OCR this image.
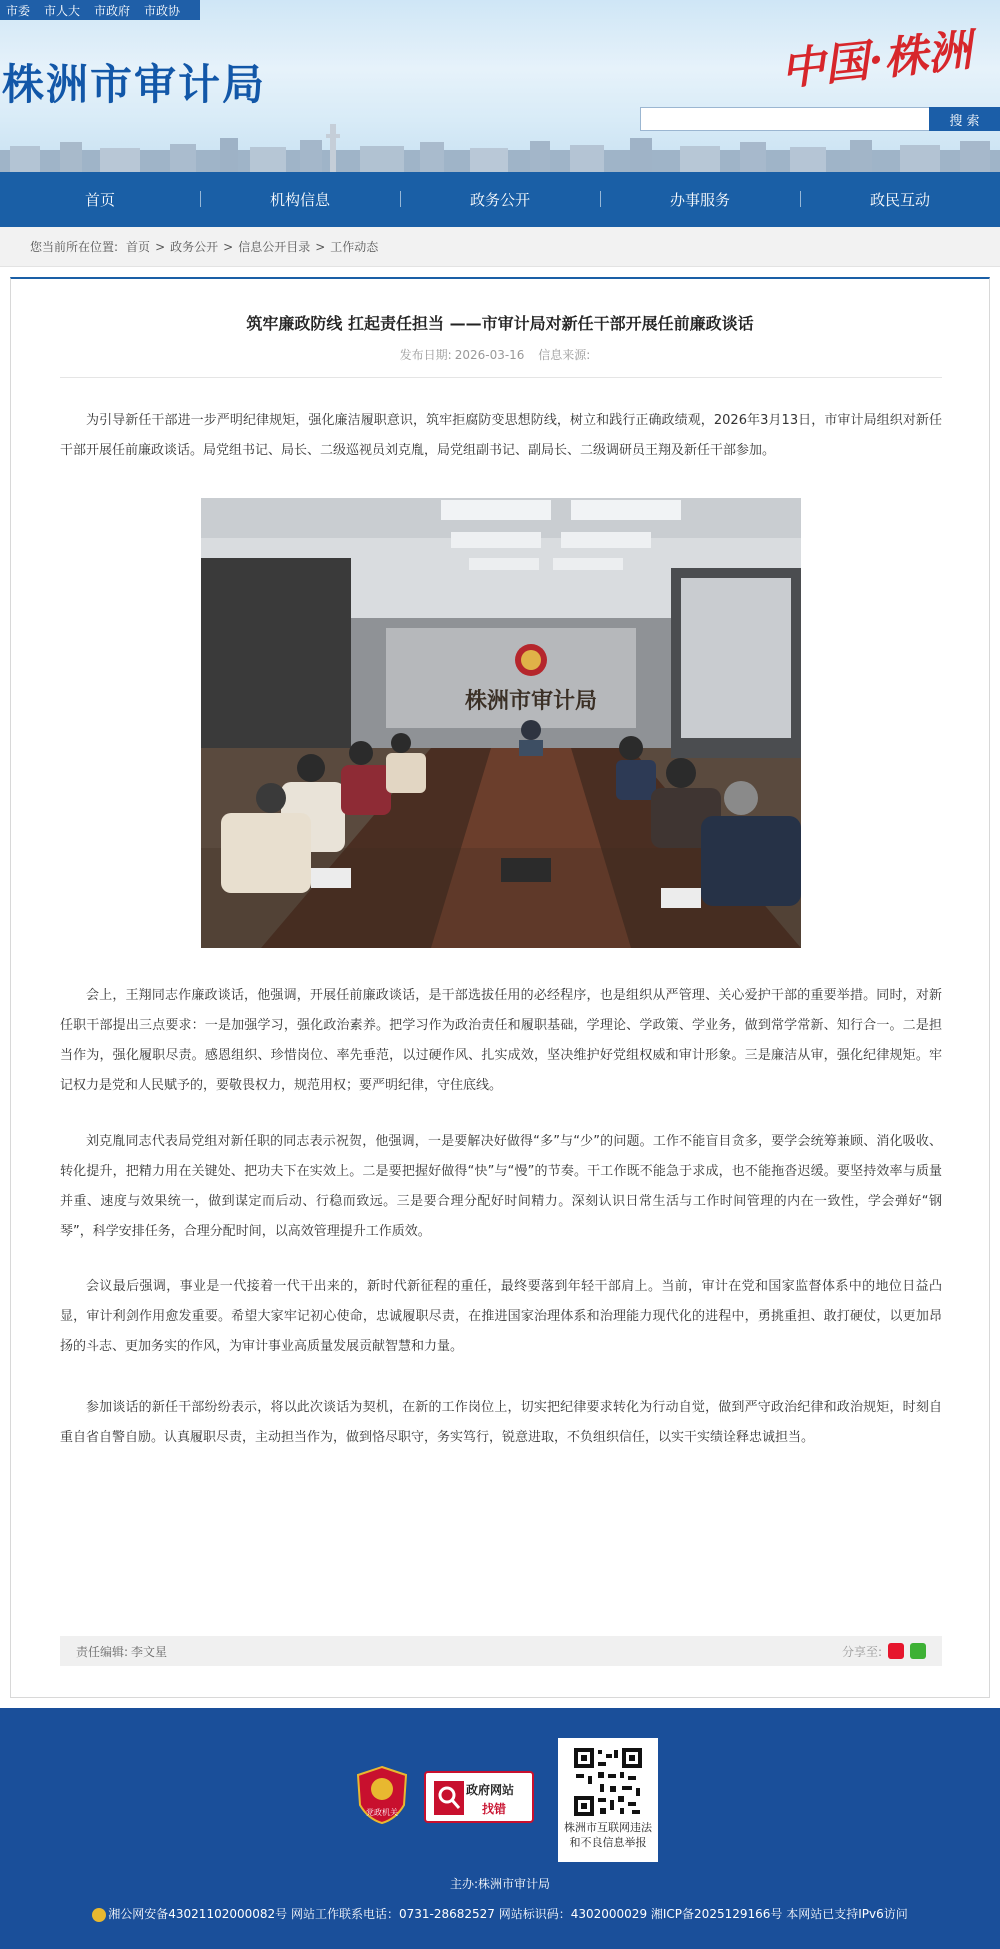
市委 市人大 市政府 市政协
株洲市审计局	中国·株洲
搜 索
首页	机构信息	政务公开	办事服务	政民互动
您当前所在位置: 首页 > 政务公开 > 信息公开目录 > 工作动态
筑牢廉政防线 扛起责任担当 ——市审计局对新任干部开展任前廉政谈话
发布日期: 2026-03-16 信息来源:

为引导新任干部进一步严明纪律规矩，强化廉洁履职意识，筑牢拒腐防变思想防线，树立和践行正确政绩观，2026年3月13日，市审计局组织对新任干部开展任前廉政谈话。局党组书记、局长、二级巡视员刘克胤，局党组副书记、副局长、二级调研员王翔及新任干部参加。

株洲市审计局

会上，王翔同志作廉政谈话，他强调，开展任前廉政谈话，是干部选拔任用的必经程序，也是组织从严管理、关心爱护干部的重要举措。同时，对新任职干部提出三点要求：一是加强学习，强化政治素养。把学习作为政治责任和履职基础，学理论、学政策、学业务，做到常学常新、知行合一。二是担当作为，强化履职尽责。感恩组织、珍惜岗位、率先垂范，以过硬作风、扎实成效，坚决维护好党组权威和审计形象。三是廉洁从审，强化纪律规矩。牢记权力是党和人民赋予的，要敬畏权力，规范用权；要严明纪律，守住底线。

刘克胤同志代表局党组对新任职的同志表示祝贺，他强调，一是要解决好做得“多”与“少”的问题。工作不能盲目贪多，要学会统筹兼顾、消化吸收、转化提升，把精力用在关键处、把功夫下在实效上。二是要把握好做得“快”与“慢”的节奏。干工作既不能急于求成，也不能拖沓迟缓。要坚持效率与质量并重、速度与效果统一，做到谋定而后动、行稳而致远。三是要合理分配好时间精力。深刻认识日常生活与工作时间管理的内在一致性，学会弹好“钢琴”，科学安排任务，合理分配时间，以高效管理提升工作质效。

会议最后强调，事业是一代接着一代干出来的，新时代新征程的重任，最终要落到年轻干部肩上。当前，审计在党和国家监督体系中的地位日益凸显，审计利剑作用愈发重要。希望大家牢记初心使命，忠诚履职尽责，在推进国家治理体系和治理能力现代化的进程中，勇挑重担、敢打硬仗，以更加昂扬的斗志、更加务实的作风，为审计事业高质量发展贡献智慧和力量。

参加谈话的新任干部纷纷表示，将以此次谈话为契机，在新的工作岗位上，切实把纪律要求转化为行动自觉，做到严守政治纪律和政治规矩，时刻自重自省自警自励。认真履职尽责，主动担当作为，做到恪尽职守，务实笃行，锐意进取，不负组织信任，以实干实绩诠释忠诚担当。

责任编辑: 李文星	分享至:
党政机关
政府网站
找错
株洲市互联网违法
和不良信息举报
主办:株洲市审计局
湘公网安备43021102000082号 网站工作联系电话：0731-28682527 网站标识码：4302000029 湘ICP备2025129166号 本网站已支持IPv6访问
